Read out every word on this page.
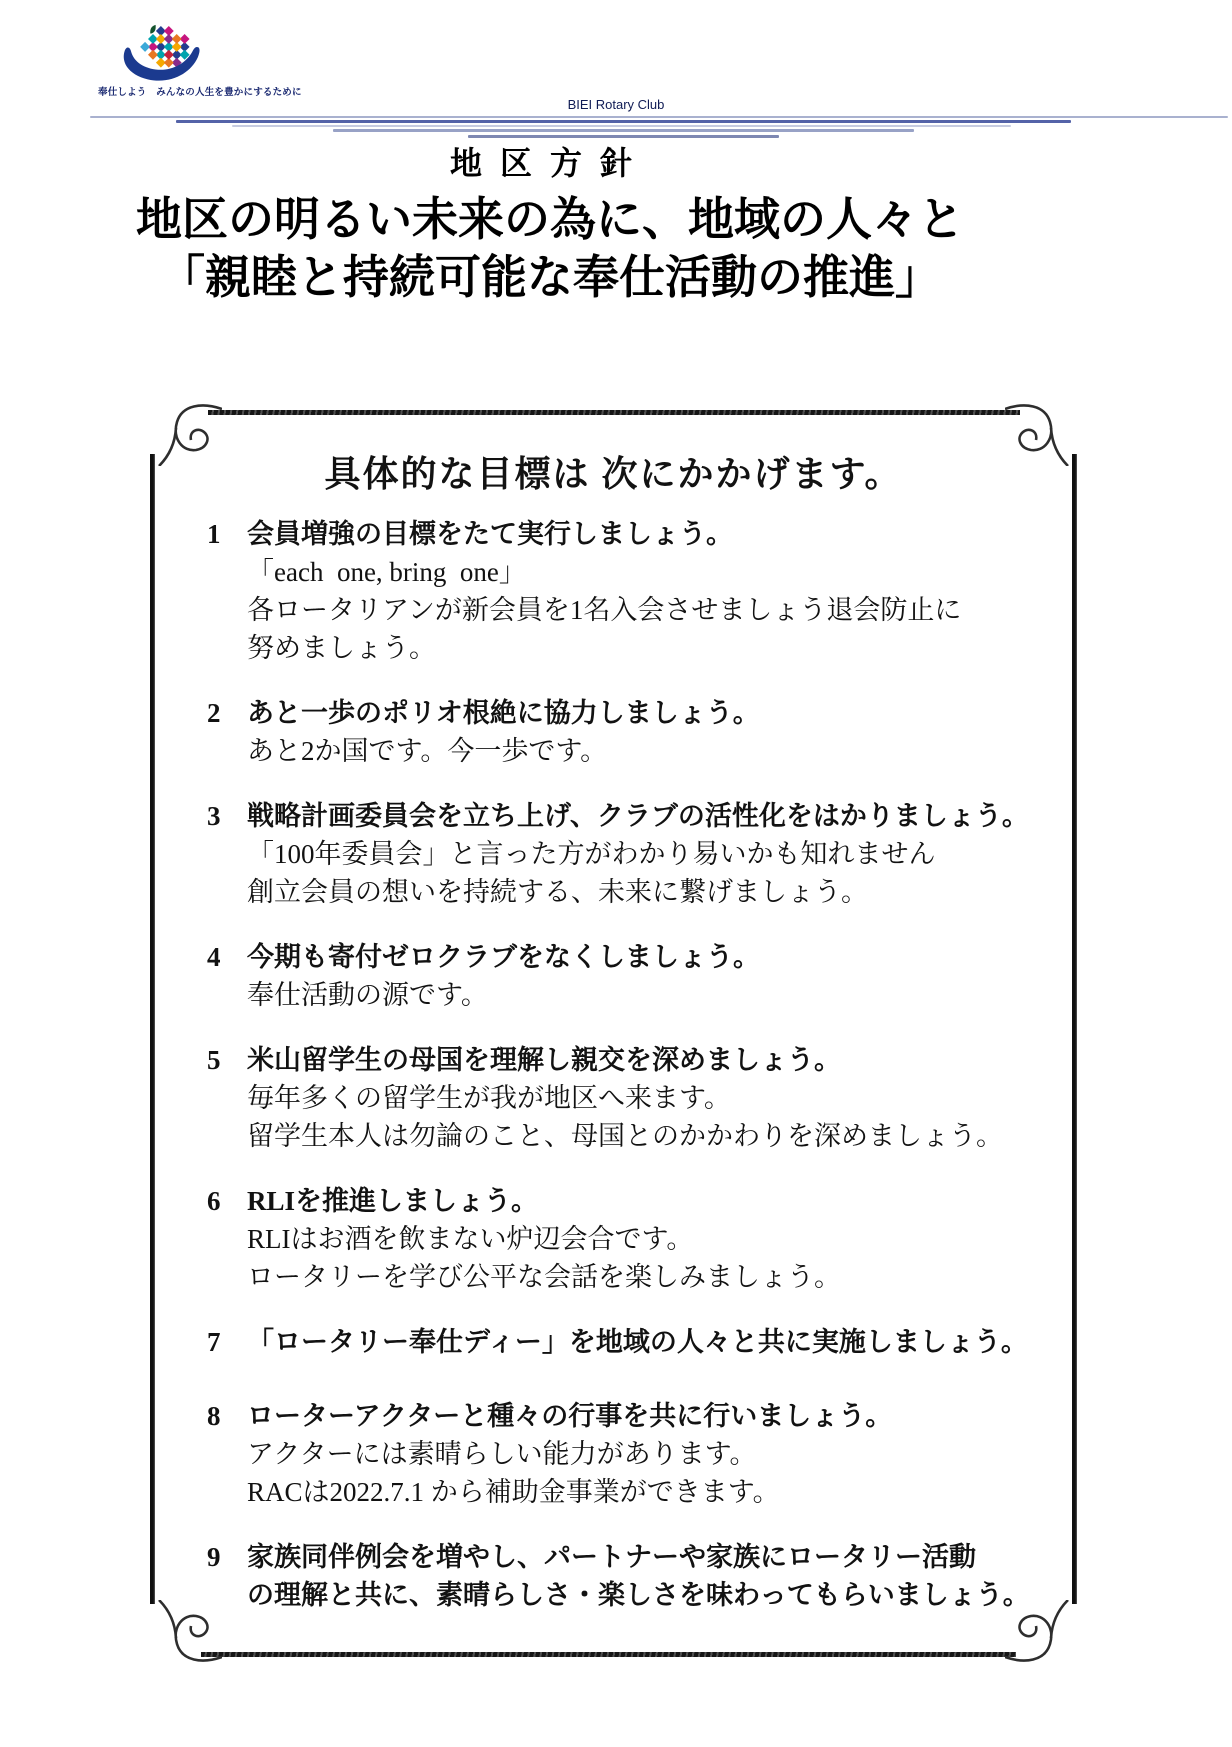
奉仕しよう　みんなの人生を豊かにするために
BIEI Rotary Club
地区方針
地区の明るい未来の為に、地域の人々と
「親睦と持続可能な奉仕活動の推進」
具体的な目標は 次にかかげます。
1 会員増強の目標をたて実行しましょう。
「each  one, bring  one」
各ロータリアンが新会員を1名入会させましょう退会防止に
努めましょう。
2 あと一歩のポリオ根絶に協力しましょう。
あと2か国です。今一歩です。
3 戦略計画委員会を立ち上げ、クラブの活性化をはかりましょう。
「100年委員会」と言った方がわかり易いかも知れません
創立会員の想いを持続する、未来に繋げましょう。
4 今期も寄付ゼロクラブをなくしましょう。
奉仕活動の源です。
5 米山留学生の母国を理解し親交を深めましょう。
毎年多くの留学生が我が地区へ来ます。
留学生本人は勿論のこと、母国とのかかわりを深めましょう。
6 RLIを推進しましょう。
RLIはお酒を飲まない炉辺会合です。
ロータリーを学び公平な会話を楽しみましょう。
7 「ロータリー奉仕ディー」を地域の人々と共に実施しましょう。
8 ローターアクターと種々の行事を共に行いましょう。
アクターには素晴らしい能力があります。
RACは2022.7.1 から補助金事業ができます。
9 家族同伴例会を増やし、パートナーや家族にロータリー活動
の理解と共に、素晴らしさ・楽しさを味わってもらいましょう。
